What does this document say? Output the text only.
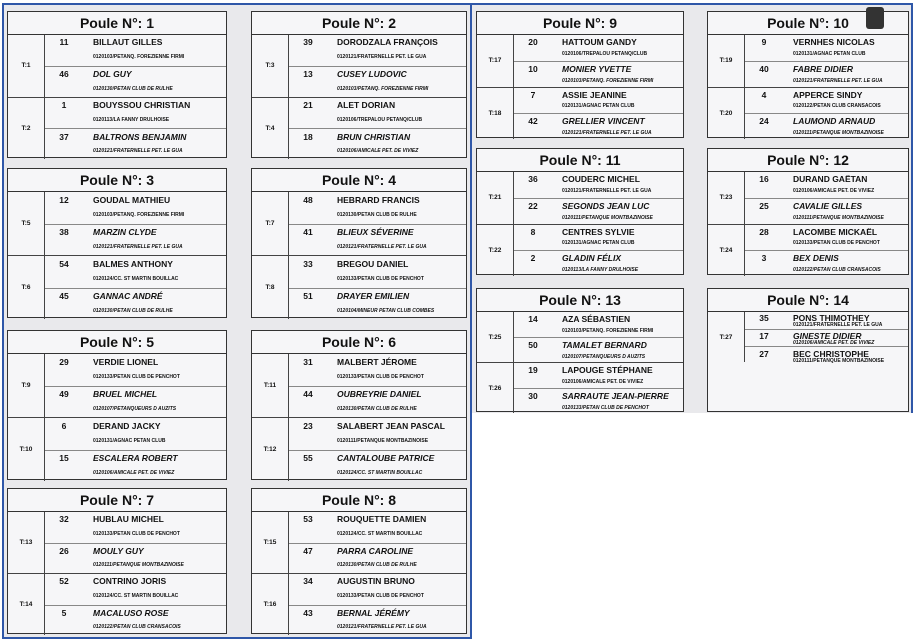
Poule N°: 1
T:1
11	BILLAUT GILLES
0120103/PETANQ. FOREZIENNE FIRMI
46	DOL GUY
0120130/PETAN CLUB DE RULHE
T:2
1	BOUYSSOU CHRISTIAN
0120113/LA FANNY DRULHOISE
37	BALTRONS BENJAMIN
0120121/FRATERNELLE PET. LE GUA
Poule N°: 2
T:3
39	DORODZALA FRANÇOIS
0120121/FRATERNELLE PET. LE GUA
13	CUSEY LUDOVIC
0120103/PETANQ. FOREZIENNE FIRMI
T:4
21	ALET DORIAN
0120106/TREPALOU PETANQ/CLUB
18	BRUN CHRISTIAN
0120106/AMICALE PET. DE VIVIEZ
Poule N°: 3
T:5
12	GOUDAL MATHIEU
0120103/PETANQ. FOREZIENNE FIRMI
38	MARZIN CLYDE
0120121/FRATERNELLE PET. LE GUA
T:6
54	BALMES ANTHONY
0120124/CC. ST MARTIN BOUILLAC
45	GANNAC ANDRÉ
0120130/PETAN CLUB DE RULHE
Poule N°: 4
T:7
48	HEBRARD FRANCIS
0120130/PETAN CLUB DE RULHE
41	BLIEUX SÉVERINE
0120121/FRATERNELLE PET. LE GUA
T:8
33	BREGOU DANIEL
0120133/PETAN CLUB DE PENCHOT
51	DRAYER EMILIEN
0120104/MINEUR PETAN CLUB COMBES
Poule N°: 5
T:9
29	VERDIE LIONEL
0120133/PETAN CLUB DE PENCHOT
49	BRUEL MICHEL
0120107/PETANQUEURS D AUZITS
T:10
6	DERAND JACKY
0120131/AGNAC PETAN CLUB
15	ESCALERA ROBERT
0120106/AMICALE PET. DE VIVIEZ
Poule N°: 6
T:11
31	MALBERT JÉROME
0120133/PETAN CLUB DE PENCHOT
44	OUBREYRIE DANIEL
0120130/PETAN CLUB DE RULHE
T:12
23	SALABERT JEAN PASCAL
0120111/PETANQUE MONTBAZINOISE
55	CANTALOUBE PATRICE
0120124/CC. ST MARTIN BOUILLAC
Poule N°: 7
T:13
32	HUBLAU MICHEL
0120133/PETAN CLUB DE PENCHOT
26	MOULY GUY
0120111/PETANQUE MONTBAZINOISE
T:14
52	CONTRINO JORIS
0120124/CC. ST MARTIN BOUILLAC
5	MACALUSO ROSE
0120122/PETAN CLUB CRANSACOIS
Poule N°: 8
T:15
53	ROUQUETTE DAMIEN
0120124/CC. ST MARTIN BOUILLAC
47	PARRA CAROLINE
0120130/PETAN CLUB DE RULHE
T:16
34	AUGUSTIN BRUNO
0120133/PETAN CLUB DE PENCHOT
43	BERNAL JÉRÉMY
0120121/FRATERNELLE PET. LE GUA
Poule N°: 9
T:17
20	HATTOUM GANDY
0120106/TREPALOU PETANQ/CLUB
10	MONIER YVETTE
0120103/PETANQ. FOREZIENNE FIRMI
T:18
7	ASSIE JEANINE
0120131/AGNAC PETAN CLUB
42	GRELLIER VINCENT
0120121/FRATERNELLE PET. LE GUA
Poule N°: 10
T:19
9	VERNHES NICOLAS
0120131/AGNAC PETAN CLUB
40	FABRE DIDIER
0120121/FRATERNELLE PET. LE GUA
T:20
4	APPERCE SINDY
0120122/PETAN CLUB CRANSACOIS
24	LAUMOND ARNAUD
0120111/PETANQUE MONTBAZINOISE
Poule N°: 11
T:21
36	COUDERC MICHEL
0120121/FRATERNELLE PET. LE GUA
22	SEGONDS JEAN LUC
0120111/PETANQUE MONTBAZINOISE
T:22
8	CENTRES SYLVIE
0120131/AGNAC PETAN CLUB
2	GLADIN FÉLIX
0120113/LA FANNY DRULHOISE
Poule N°: 12
T:23
16	DURAND GAËTAN
0120106/AMICALE PET. DE VIVIEZ
25	CAVALIE GILLES
0120111/PETANQUE MONTBAZINOISE
T:24
28	LACOMBE MICKAËL
0120133/PETAN CLUB DE PENCHOT
3	BEX DENIS
0120122/PETAN CLUB CRANSACOIS
Poule N°: 13
T:25
14	AZA SÉBASTIEN
0120103/PETANQ. FOREZIENNE FIRMI
50	TAMALET BERNARD
0120107/PETANQUEURS D AUZITS
T:26
19	LAPOUGE STÉPHANE
0120106/AMICALE PET. DE VIVIEZ
30	SARRAUTE JEAN-PIERRE
0120133/PETAN CLUB DE PENCHOT
Poule N°: 14
T:27
35	PONS THIMOTHEY
0120121/FRATERNELLE PET. LE GUA
17	GINESTE DIDIER
0120106/AMICALE PET. DE VIVIEZ
27	BEC CHRISTOPHE
0120111/PETANQUE MONTBAZINOISE
